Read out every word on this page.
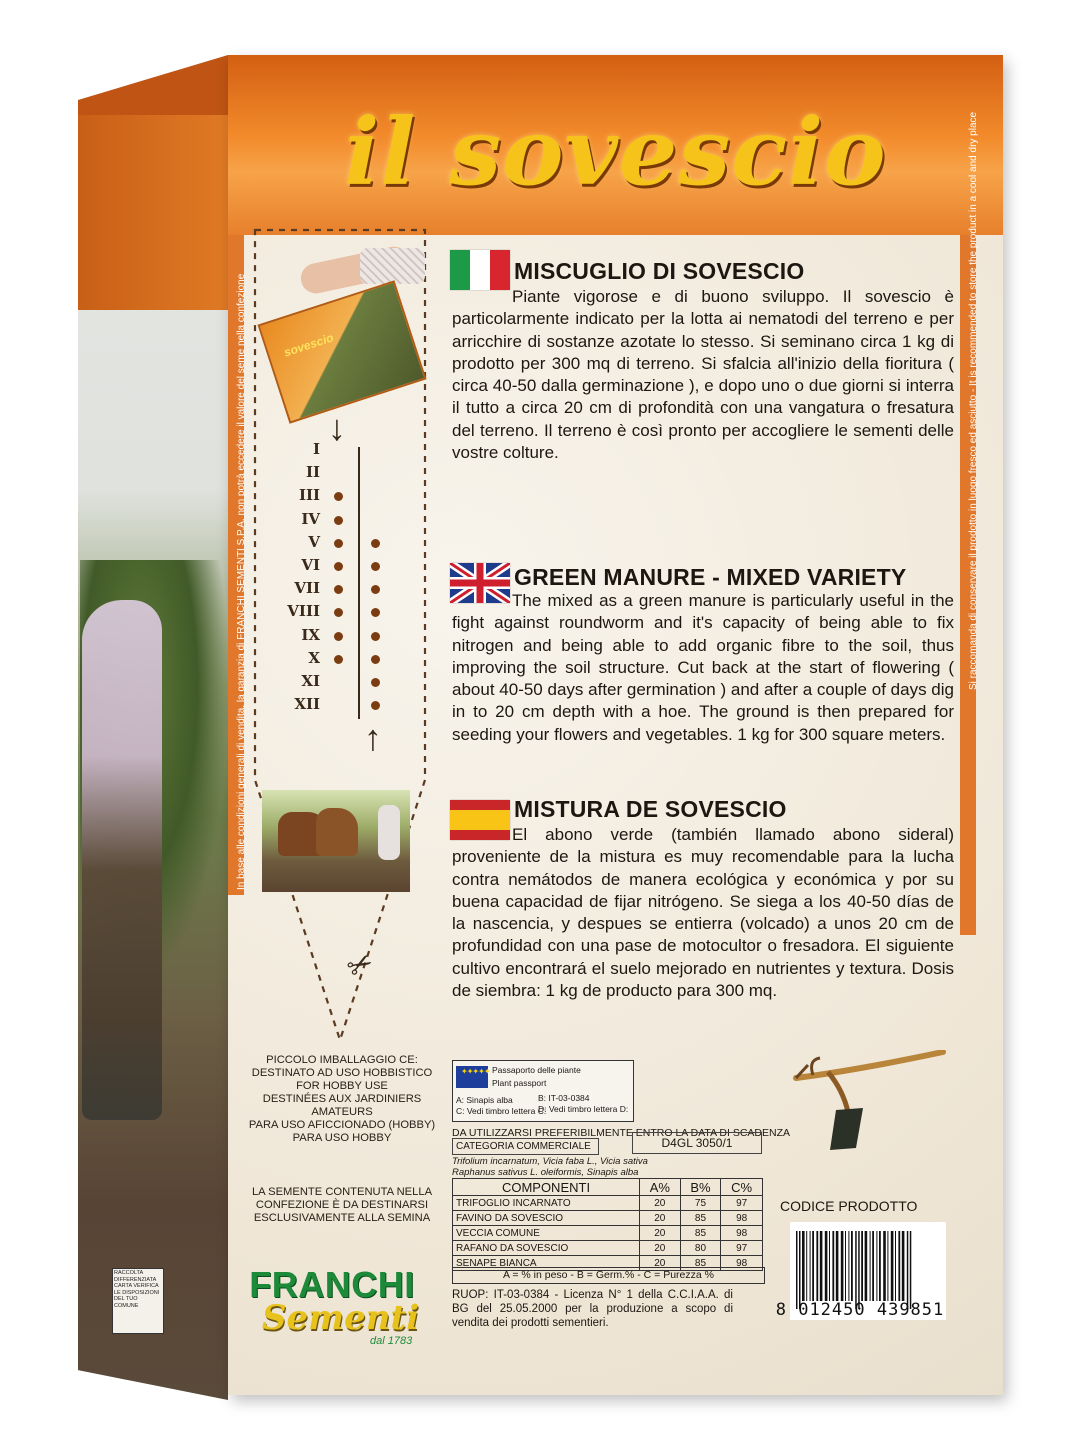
il sovescio
In base alle condizioni generali di vendita, la garanzia di FRANCHI SEMENTI S.P.A. non potrà eccedere il valore del seme nella confezione	Si raccomanda di conservare il prodotto in luogo fresco ed asciutto - It is recommended to store the product in a cool and dry place
sovescio
↓
↑
I
II
III
IV
V
VI
VII
VIII
IX
X
XI
XII
✂
MISCUGLIO DI SOVESCIO
Piante vigorose e di buono sviluppo. Il sovescio è particolarmente indicato per la lotta ai nematodi del terreno e per arricchire di sostanze azotate lo stesso. Si seminano circa 1 kg di prodotto per 300 mq di terreno. Si sfalcia all'inizio della fioritura ( circa 40-50 dalla germinazione ), e dopo uno o due giorni si interra il tutto a circa 20 cm di profondità con una vangatura o fresatura del terreno. Il terreno è così pronto per accogliere le sementi delle vostre colture.
GREEN MANURE - MIXED VARIETY
The mixed as a green manure is particularly useful in the fight against roundworm and it's capacity of being able to fix nitrogen and being able to add organic fibre to the soil, thus improving the soil structure. Cut back at the start of flowering ( about 40-50 days after germination ) and after a couple of days dig in to 20 cm depth with a hoe. The ground is then prepared for seeding your flowers and vegetables. 1 kg for 300 square meters.
MISTURA DE SOVESCIO
El abono verde (también llamado abono sideral) proveniente de la mistura es muy recomendable para la lucha contra nemátodos de manera ecológica y económica y por su buena capacidad de fijar nitrógeno. Se siega a los 40-50 días de la nascencia, y despues se entierra (volcado) a unos 20 cm de profundidad con una pase de motocultor o fresadora. El siguiente cultivo encontrará el suelo mejorado en nutrientes y textura. Dosis de siembra: 1 kg de producto para 300 mq.
PICCOLO IMBALLAGGIO CE:
DESTINATO AD USO HOBBISTICO
FOR HOBBY USE
DESTINÉES AUX JARDINIERS AMATEURS
PARA USO AFICCIONADO (HOBBY)
PARA USO HOBBY
LA SEMENTE CONTENUTA NELLA
CONFEZIONE È DA DESTINARSI
ESCLUSIVAMENTE ALLA SEMINA
✦✦✦✦✦ Passaporto delle piante
Plant passport
A: Sinapis alba	B: IT-03-0384
C: Vedi timbro lettera C:
D: Vedi timbro lettera D:
DA UTILIZZARSI PREFERIBILMENTE ENTRO LA DATA DI SCADENZA
CATEGORIA COMMERCIALE	D4GL 3050/1
Trifolium incarnatum, Vicia faba L., Vicia sativa
Raphanus sativus L. oleiformis, Sinapis alba
COMPONENTI	A%	B%	C%
TRIFOGLIO INCARNATO	20	75	97
FAVINO DA SOVESCIO	20	85	98
VECCIA COMUNE	20	85	98
RAFANO DA SOVESCIO	20	80	97
SENAPE BIANCA	20	85	98
A = % in peso - B = Germ.% - C = Purezza %
RUOP: IT-03-0384 - Licenza N° 1 della C.C.I.A.A. di BG del 25.05.2000 per la produzione a scopo di vendita dei prodotti sementieri.
CODICE PRODOTTO
8 012450 439851
RACCOLTA DIFFERENZIATA CARTA VERIFICA LE DISPOSIZIONI DEL TUO COMUNE
FRANCHI
Sementi
dal 1783
